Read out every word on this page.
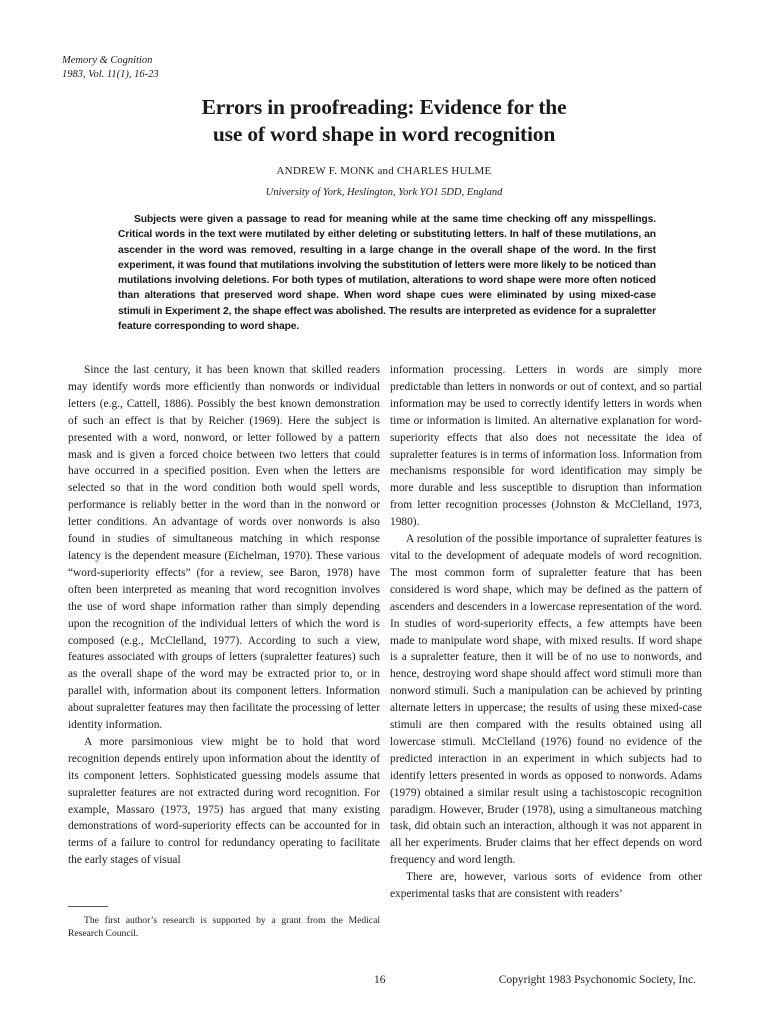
Memory & Cognition
1983, Vol. 11(1), 16-23
Errors in proofreading: Evidence for the
use of word shape in word recognition
ANDREW F. MONK and CHARLES HULME
University of York, Heslington, York YO1 5DD, England

Subjects were given a passage to read for meaning while at the same time checking off any misspellings. Critical words in the text were mutilated by either deleting or substituting letters. In half of these mutilations, an ascender in the word was removed, resulting in a large change in the overall shape of the word. In the first experiment, it was found that mutilations involving the substitution of letters were more likely to be noticed than mutilations involving deletions. For both types of mutilation, alterations to word shape were more often noticed than alterations that preserved word shape. When word shape cues were eliminated by using mixed-case stimuli in Experiment 2, the shape effect was abolished. The results are interpreted as evidence for a supraletter feature corresponding to word shape.

Since the last century, it has been known that skilled readers may identify words more efficiently than nonwords or individual letters (e.g., Cattell, 1886). Possibly the best known demonstration of such an effect is that by Reicher (1969). Here the subject is presented with a word, nonword, or letter followed by a pattern mask and is given a forced choice between two letters that could have occurred in a specified position. Even when the letters are selected so that in the word condition both would spell words, performance is reliably better in the word than in the nonword or letter conditions. An advantage of words over nonwords is also found in studies of simultaneous matching in which response latency is the dependent measure (Eichelman, 1970). These various “word-superiority effects” (for a review, see Baron, 1978) have often been interpreted as meaning that word recognition involves the use of word shape information rather than simply depending upon the recognition of the individual letters of which the word is composed (e.g., McClelland, 1977). According to such a view, features associated with groups of letters (supraletter features) such as the overall shape of the word may be extracted prior to, or in parallel with, information about its component letters. Information about supraletter features may then facilitate the processing of letter identity information.

A more parsimonious view might be to hold that word recognition depends entirely upon information about the identity of its component letters. Sophisticated guessing models assume that supraletter features are not extracted during word recognition. For example, Massaro (1973, 1975) has argued that many existing demonstrations of word-superiority effects can be accounted for in terms of a failure to control for redundancy operating to facilitate the early stages of visual

information processing. Letters in words are simply more predictable than letters in nonwords or out of context, and so partial information may be used to correctly identify letters in words when time or information is limited. An alternative explanation for word-superiority effects that also does not necessitate the idea of supraletter features is in terms of information loss. Information from mechanisms responsible for word identification may simply be more durable and less susceptible to disruption than information from letter recognition processes (Johnston & McClelland, 1973, 1980).

A resolution of the possible importance of supraletter features is vital to the development of adequate models of word recognition. The most common form of supraletter feature that has been considered is word shape, which may be defined as the pattern of ascenders and descenders in a lowercase representation of the word. In studies of word-superiority effects, a few attempts have been made to manipulate word shape, with mixed results. If word shape is a supraletter feature, then it will be of no use to nonwords, and hence, destroying word shape should affect word stimuli more than nonword stimuli. Such a manipulation can be achieved by printing alternate letters in uppercase; the results of using these mixed-case stimuli are then compared with the results obtained using all lowercase stimuli. McClelland (1976) found no evidence of the predicted interaction in an experiment in which subjects had to identify letters presented in words as opposed to nonwords. Adams (1979) obtained a similar result using a tachistoscopic recognition paradigm. However, Bruder (1978), using a simultaneous matching task, did obtain such an interaction, although it was not apparent in all her experiments. Bruder claims that her effect depends on word frequency and word length.

There are, however, various sorts of evidence from other experimental tasks that are consistent with readers’

The first author’s research is supported by a grant from the Medical Research Council.

16	Copyright 1983 Psychonomic Society, Inc.
